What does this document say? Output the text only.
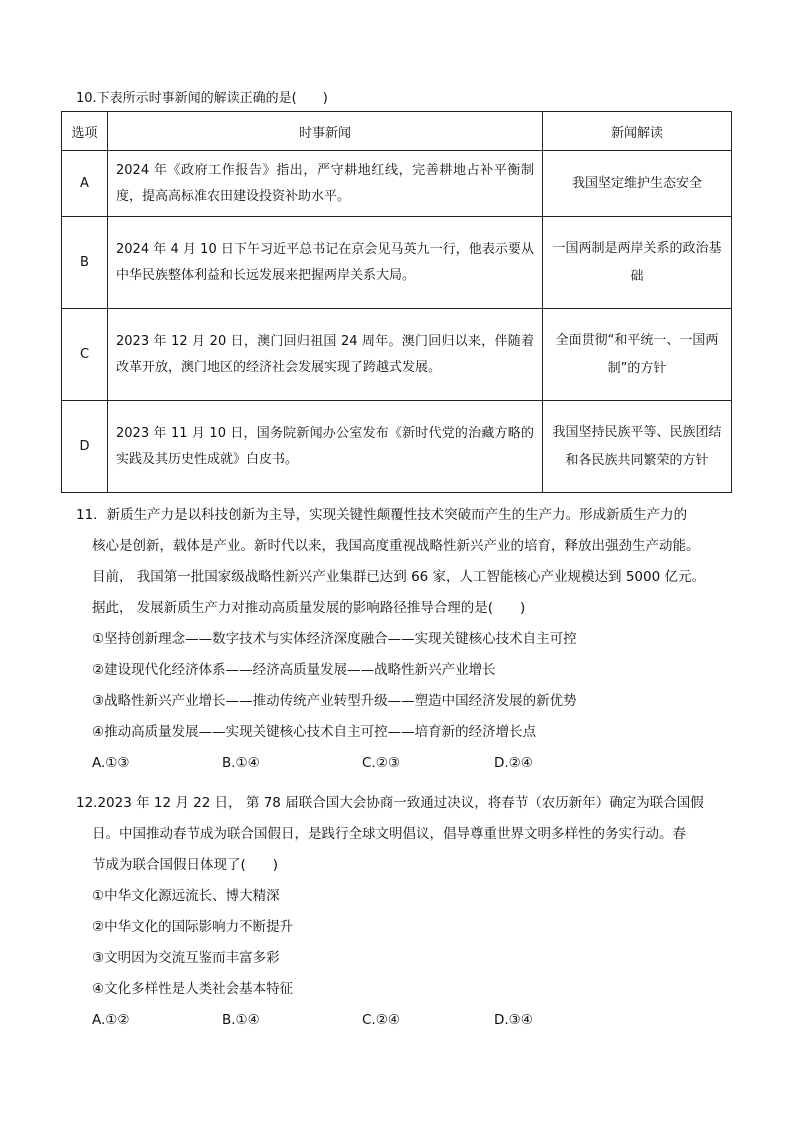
10.下表所示时事新闻的解读正确的是(　　)
选项	时事新闻	新闻解读
A	2024 年《政府工作报告》指出，严守耕地红线，完善耕地占补平衡制度，提高高标准农田建设投资补助水平。	我国坚定维护生态安全
B	2024 年 4 月 10 日下午习近平总书记在京会见马英九一行，他表示要从中华民族整体利益和长远发展来把握两岸关系大局。	一国两制是两岸关系的政治基础
C	2023 年 12 月 20 日，澳门回归祖国 24 周年。澳门回归以来，伴随着改革开放，澳门地区的经济社会发展实现了跨越式发展。	全面贯彻“和平统一、一国两制”的方针
D	2023 年 11 月 10 日，国务院新闻办公室发布《新时代党的治藏方略的实践及其历史性成就》白皮书。	我国坚持民族平等、民族团结和各民族共同繁荣的方针
11．新质生产力是以科技创新为主导，实现关键性颠覆性技术突破而产生的生产力。形成新质生产力的
核心是创新，载体是产业。新时代以来，我国高度重视战略性新兴产业的培育，释放出强劲生产动能。
目前， 我国第一批国家级战略性新兴产业集群已达到 66 家，人工智能核心产业规模达到 5000 亿元。
据此， 发展新质生产力对推动高质量发展的影响路径推导合理的是(　　)
①坚持创新理念——数字技术与实体经济深度融合——实现关键核心技术自主可控
②建设现代化经济体系——经济高质量发展——战略性新兴产业增长
③战略性新兴产业增长——推动传统产业转型升级——塑造中国经济发展的新优势
④推动高质量发展——实现关键核心技术自主可控——培育新的经济增长点
A.①③	B.①④	C.②③	D.②④
12.2023 年 12 月 22 日， 第 78 届联合国大会协商一致通过决议，将春节（农历新年）确定为联合国假
日。中国推动春节成为联合国假日，是践行全球文明倡议，倡导尊重世界文明多样性的务实行动。春
节成为联合国假日体现了(　　)
①中华文化源远流长、博大精深
②中华文化的国际影响力不断提升
③文明因为交流互鉴而丰富多彩
④文化多样性是人类社会基本特征
A.①②	B.①④	C.②④	D.③④
